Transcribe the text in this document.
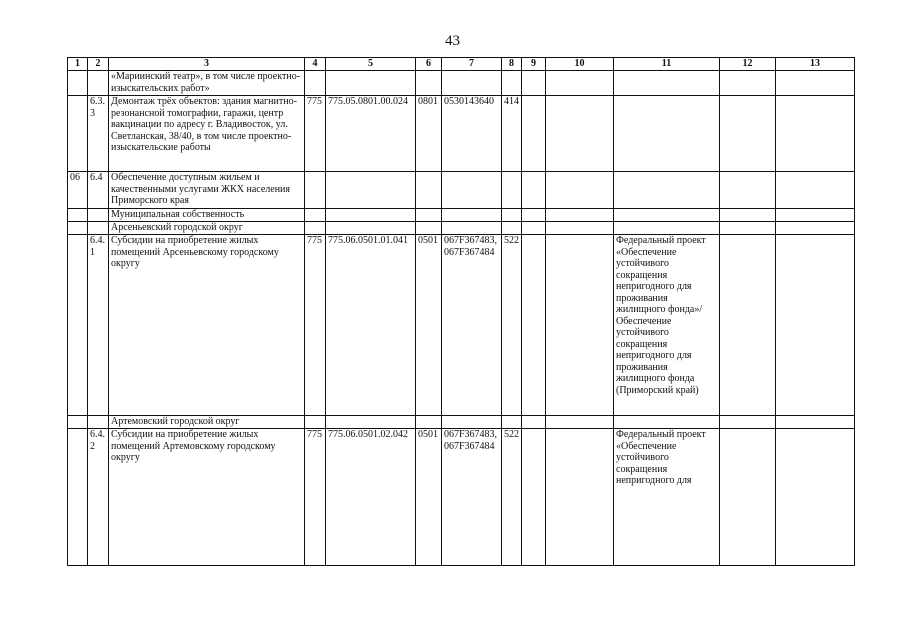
43
1	2	3	4	5	6	7	8	9	10	11	12	13
		«Мариинский театр», в том числе проектно-изыскательских работ»										
	6.3.3	Демонтаж трёх объектов: здания магнитно-резонансной томографии, гаражи, центр вакцинации по адресу г. Владивосток, ул. Светланская, 38/40, в том числе проектно-изыскательские работы	775	775.05.0801.00.024	0801	0530143640	414					
06	6.4	Обеспечение доступным жильем и качественными услугами ЖКХ населения Приморского края										
		Муниципальная собственность										
		Арсеньевский городской округ										
	6.4.1	Субсидии на приобретение жилых помещений Арсеньевскому городскому округу	775	775.06.0501.01.041	0501	067F367483, 067F367484	522			Федеральный проект «Обеспечение устойчивого сокращения непригодного для проживания жилищного фонда»/Обеспечение устойчивого сокращения непригодного для проживания жилищного фонда (Приморский край)		
		Артемовский городской округ										
	6.4.2	Субсидии на приобретение жилых помещений Артемовскому городскому округу	775	775.06.0501.02.042	0501	067F367483, 067F367484	522			Федеральный проект «Обеспечение устойчивого сокращения непригодного для		
